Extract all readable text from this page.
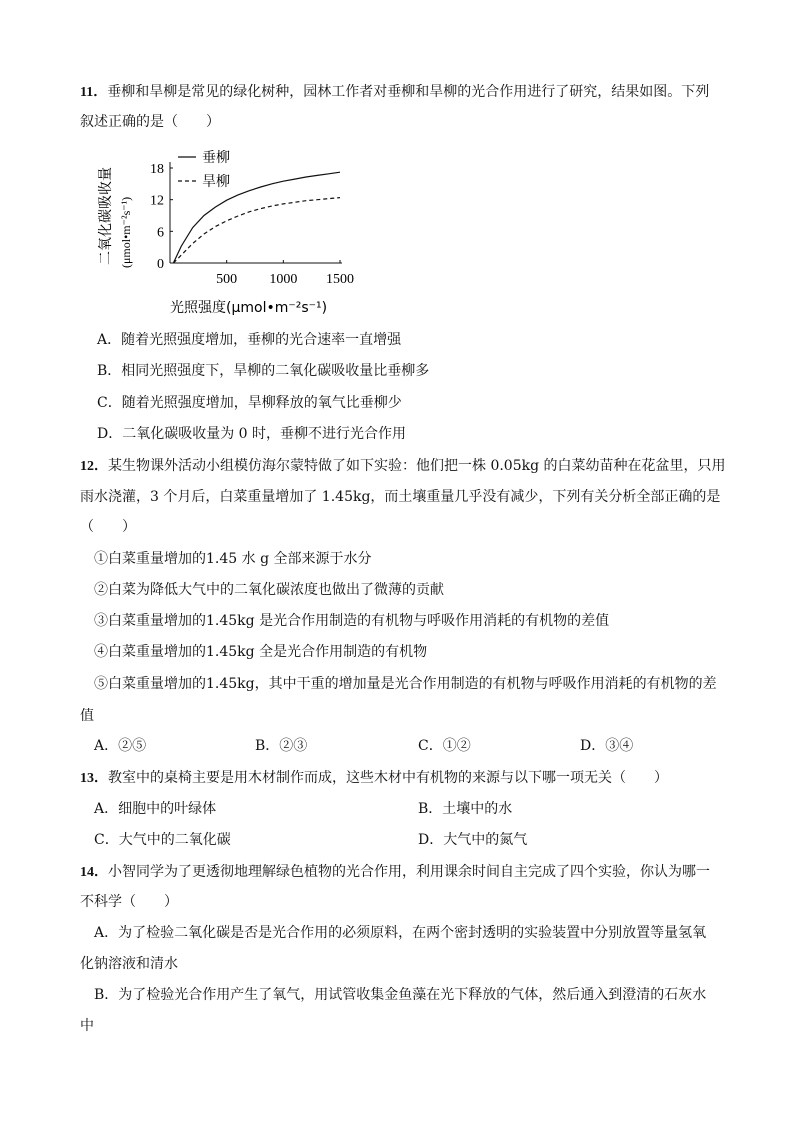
11．垂柳和旱柳是常见的绿化树种，园林工作者对垂柳和旱柳的光合作用进行了研究，结果如图。下列
叙述正确的是（　　）
二氧化碳吸收量 (μmol•m⁻²s⁻¹)
18
12
6
0
500 1000 1500
垂柳
旱柳
光照强度(μmol•m⁻²s⁻¹)
A．随着光照强度增加，垂柳的光合速率一直增强
B．相同光照强度下，旱柳的二氧化碳吸收量比垂柳多
C．随着光照强度增加，旱柳释放的氧气比垂柳少
D．二氧化碳吸收量为 0 时，垂柳不进行光合作用
12．某生物课外活动小组模仿海尔蒙特做了如下实验：他们把一株 0.05kg 的白菜幼苗种在花盆里，只用
雨水浇灌，3 个月后，白菜重量增加了 1.45kg，而土壤重量几乎没有减少，下列有关分析全部正确的是
（　　）
①白菜重量增加的1.45 水 g 全部来源于水分
②白菜为降低大气中的二氧化碳浓度也做出了微薄的贡献
③白菜重量增加的1.45kg 是光合作用制造的有机物与呼吸作用消耗的有机物的差值
④白菜重量增加的1.45kg 全是光合作用制造的有机物
⑤白菜重量增加的1.45kg，其中干重的增加量是光合作用制造的有机物与呼吸作用消耗的有机物的差
值
A．②⑤	B．②③	C．①②	D．③④
13．教室中的桌椅主要是用木材制作而成，这些木材中有机物的来源与以下哪一项无关（　　）
A．细胞中的叶绿体	B．土壤中的水
C．大气中的二氧化碳	D．大气中的氮气
14．小智同学为了更透彻地理解绿色植物的光合作用，利用课余时间自主完成了四个实验，你认为哪一
不科学（　　）
A．为了检验二氧化碳是否是光合作用的必须原料，在两个密封透明的实验装置中分别放置等量氢氧
化钠溶液和清水
B．为了检验光合作用产生了氧气，用试管收集金鱼藻在光下释放的气体，然后通入到澄清的石灰水
中
